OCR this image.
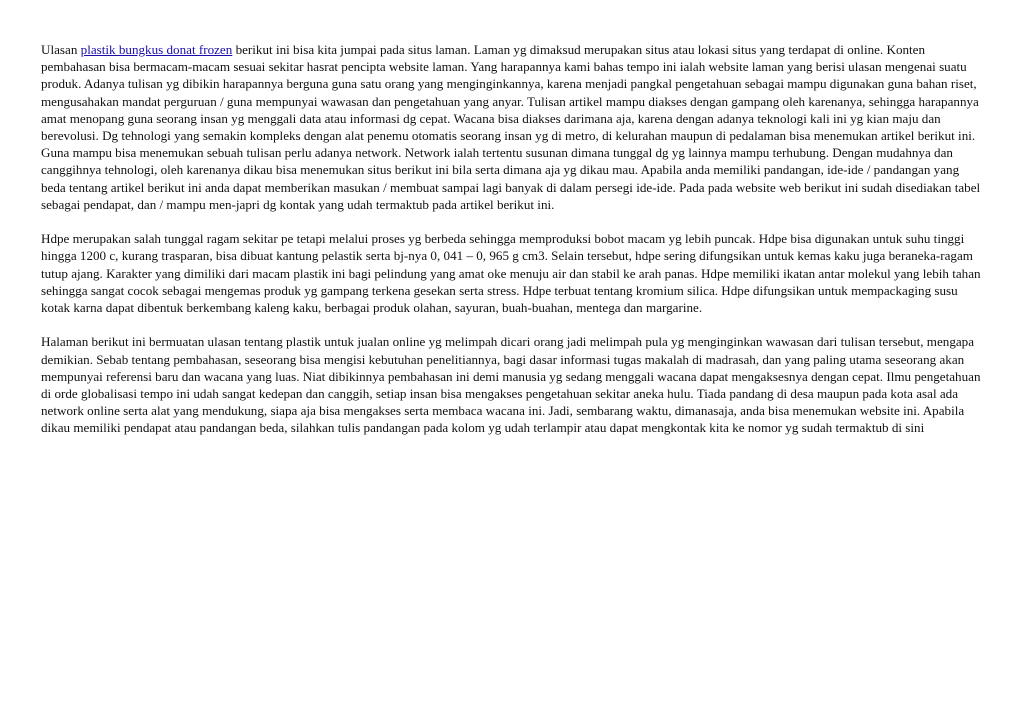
Ulasan plastik bungkus donat frozen berikut ini bisa kita jumpai pada situs laman. Laman yg dimaksud merupakan situs atau lokasi situs yang terdapat di online. Konten pembahasan bisa bermacam-macam sesuai sekitar hasrat pencipta website laman. Yang harapannya kami bahas tempo ini ialah website laman yang berisi ulasan mengenai suatu produk. Adanya tulisan yg dibikin harapannya berguna guna satu orang yang menginginkannya, karena menjadi pangkal pengetahuan sebagai mampu digunakan guna bahan riset, mengusahakan mandat perguruan / guna mempunyai wawasan dan pengetahuan yang anyar. Tulisan artikel mampu diakses dengan gampang oleh karenanya, sehingga harapannya amat menopang guna seorang insan yg menggali data atau informasi dg cepat. Wacana bisa diakses darimana aja, karena dengan adanya teknologi kali ini yg kian maju dan berevolusi. Dg tehnologi yang semakin kompleks dengan alat penemu otomatis seorang insan yg di metro, di kelurahan maupun di pedalaman bisa menemukan artikel berikut ini. Guna mampu bisa menemukan sebuah tulisan perlu adanya network. Network ialah tertentu susunan dimana tunggal dg yg lainnya mampu terhubung. Dengan mudahnya dan canggihnya tehnologi, oleh karenanya dikau bisa menemukan situs berikut ini bila serta dimana aja yg dikau mau. Apabila anda memiliki pandangan, ide-ide / pandangan yang beda tentang artikel berikut ini anda dapat memberikan masukan / membuat sampai lagi banyak di dalam persegi ide-ide. Pada pada website web berikut ini sudah disediakan tabel sebagai pendapat, dan / mampu men-japri dg kontak yang udah termaktub pada artikel berikut ini.

Hdpe merupakan salah tunggal ragam sekitar pe tetapi melalui proses yg berbeda sehingga memproduksi bobot macam yg lebih puncak. Hdpe bisa digunakan untuk suhu tinggi hingga 1200 c, kurang trasparan, bisa dibuat kantung pelastik serta bj-nya 0, 041 – 0, 965 g cm3. Selain tersebut, hdpe sering difungsikan untuk kemas kaku juga beraneka-ragam tutup ajang. Karakter yang dimiliki dari macam plastik ini bagi pelindung yang amat oke menuju air dan stabil ke arah panas. Hdpe memiliki ikatan antar molekul yang lebih tahan sehingga sangat cocok sebagai mengemas produk yg gampang terkena gesekan serta stress. Hdpe terbuat tentang kromium silica. Hdpe difungsikan untuk mempackaging susu kotak karna dapat dibentuk berkembang kaleng kaku, berbagai produk olahan, sayuran, buah-buahan, mentega dan margarine.

Halaman berikut ini bermuatan ulasan tentang plastik untuk jualan online yg melimpah dicari orang jadi melimpah pula yg menginginkan wawasan dari tulisan tersebut, mengapa demikian. Sebab tentang pembahasan, seseorang bisa mengisi kebutuhan penelitiannya, bagi dasar informasi tugas makalah di madrasah, dan yang paling utama seseorang akan mempunyai referensi baru dan wacana yang luas. Niat dibikinnya pembahasan ini demi manusia yg sedang menggali wacana dapat mengaksesnya dengan cepat. Ilmu pengetahuan di orde globalisasi tempo ini udah sangat kedepan dan canggih, setiap insan bisa mengakses pengetahuan sekitar aneka hulu. Tiada pandang di desa maupun pada kota asal ada network online serta alat yang mendukung, siapa aja bisa mengakses serta membaca wacana ini. Jadi, sembarang waktu, dimanasaja, anda bisa menemukan website ini. Apabila dikau memiliki pendapat atau pandangan beda, silahkan tulis pandangan pada kolom yg udah terlampir atau dapat mengkontak kita ke nomor yg sudah termaktub di sini
